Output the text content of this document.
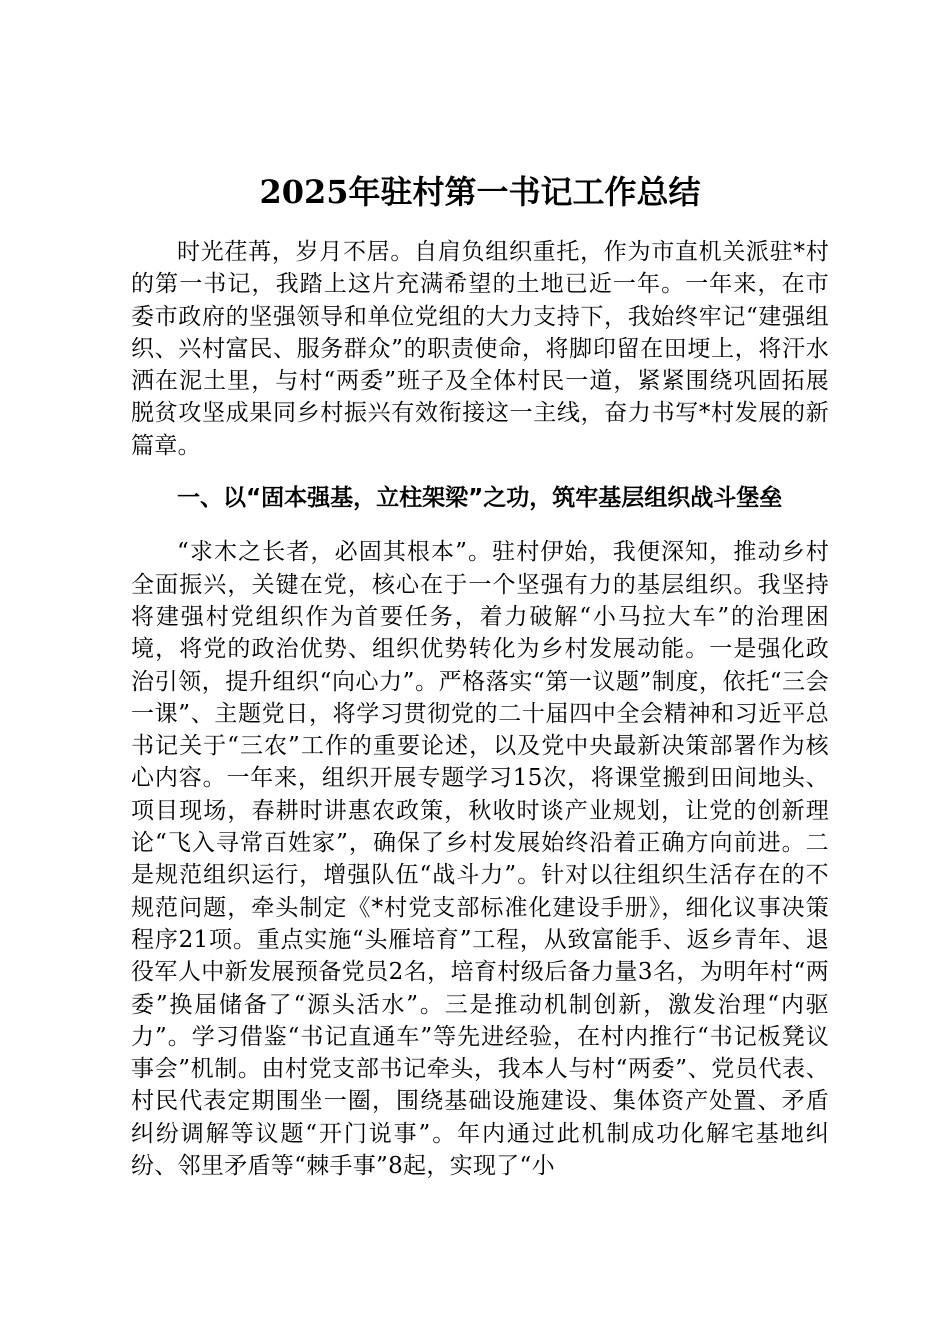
2025年驻村第一书记工作总结

时光荏苒，岁月不居。自肩负组织重托，作为市直机关派驻*村的第一书记，我踏上这片充满希望的土地已近一年。一年来，在市委市政府的坚强领导和单位党组的大力支持下，我始终牢记“建强组织、兴村富民、服务群众”的职责使命，将脚印留在田埂上，将汗水洒在泥土里，与村“两委”班子及全体村民一道，紧紧围绕巩固拓展脱贫攻坚成果同乡村振兴有效衔接这一主线，奋力书写*村发展的新篇章。

一、以“固本强基，立柱架梁”之功，筑牢基层组织战斗堡垒

“求木之长者，必固其根本”。驻村伊始，我便深知，推动乡村全面振兴，关键在党，核心在于一个坚强有力的基层组织。我坚持将建强村党组织作为首要任务，着力破解“小马拉大车”的治理困境，将党的政治优势、组织优势转化为乡村发展动能。一是强化政治引领，提升组织“向心力”。严格落实“第一议题”制度，依托“三会一课”、主题党日，将学习贯彻党的二十届四中全会精神和习近平总书记关于“三农”工作的重要论述，以及党中央最新决策部署作为核心内容。一年来，组织开展专题学习15次，将课堂搬到田间地头、项目现场，春耕时讲惠农政策，秋收时谈产业规划，让党的创新理论“飞入寻常百姓家”，确保了乡村发展始终沿着正确方向前进。二是规范组织运行，增强队伍“战斗力”。针对以往组织生活存在的不规范问题，牵头制定《*村党支部标准化建设手册》，细化议事决策程序21项。重点实施“头雁培育”工程，从致富能手、返乡青年、退役军人中新发展预备党员2名，培育村级后备力量3名，为明年村“两委”换届储备了“源头活水”。三是推动机制创新，激发治理“内驱力”。学习借鉴“书记直通车”等先进经验，在村内推行“书记板凳议事会”机制。由村党支部书记牵头，我本人与村“两委”、党员代表、村民代表定期围坐一圈，围绕基础设施建设、集体资产处置、矛盾纠纷调解等议题“开门说事”。年内通过此机制成功化解宅基地纠纷、邻里矛盾等“棘手事”8起，实现了“小
